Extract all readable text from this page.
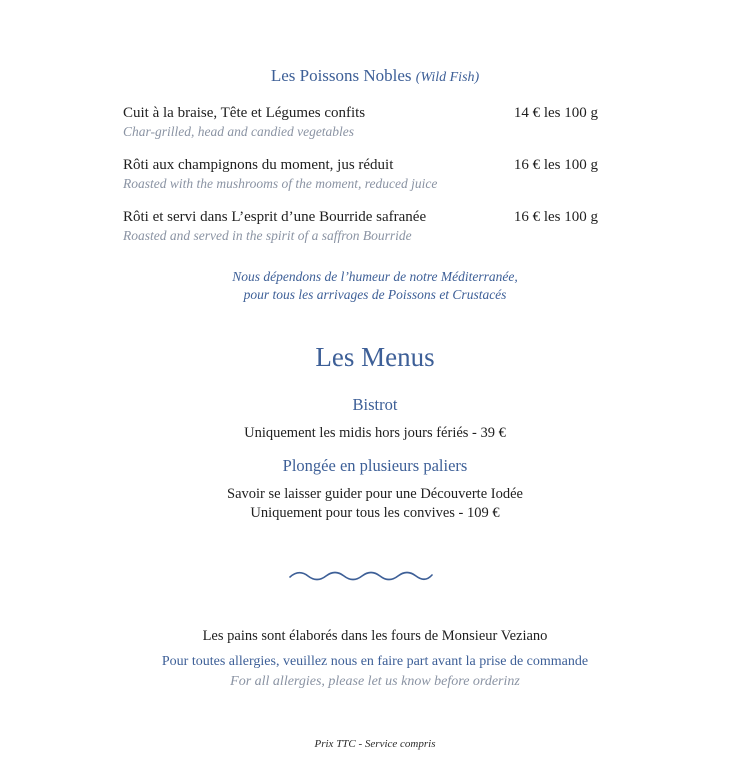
Les Poissons Nobles (Wild Fish)
Cuit à la braise, Tête et Légumes confits
Char-grilled, head and candied vegetables
14 € les 100 g
Rôti aux champignons du moment, jus réduit
Roasted with the mushrooms of the moment, reduced juice
16 € les 100 g
Rôti et servi dans L’esprit d’une Bourride safranée
Roasted and served in the spirit of a saffron Bourride
16 € les 100 g
Nous dépendons de l’humeur de notre Méditerranée,
pour tous les arrivages de Poissons et Crustacés
Les Menus
Bistrot
Uniquement les midis hors jours fériés - 39 €
Plongée en plusieurs paliers
Savoir se laisser guider pour une Découverte Iodée
Uniquement pour tous les convives - 109 €
Les pains sont élaborés dans les fours de Monsieur Veziano
Pour toutes allergies, veuillez nous en faire part avant la prise de commande
For all allergies, please let us know before orderinz
Prix TTC - Service compris
